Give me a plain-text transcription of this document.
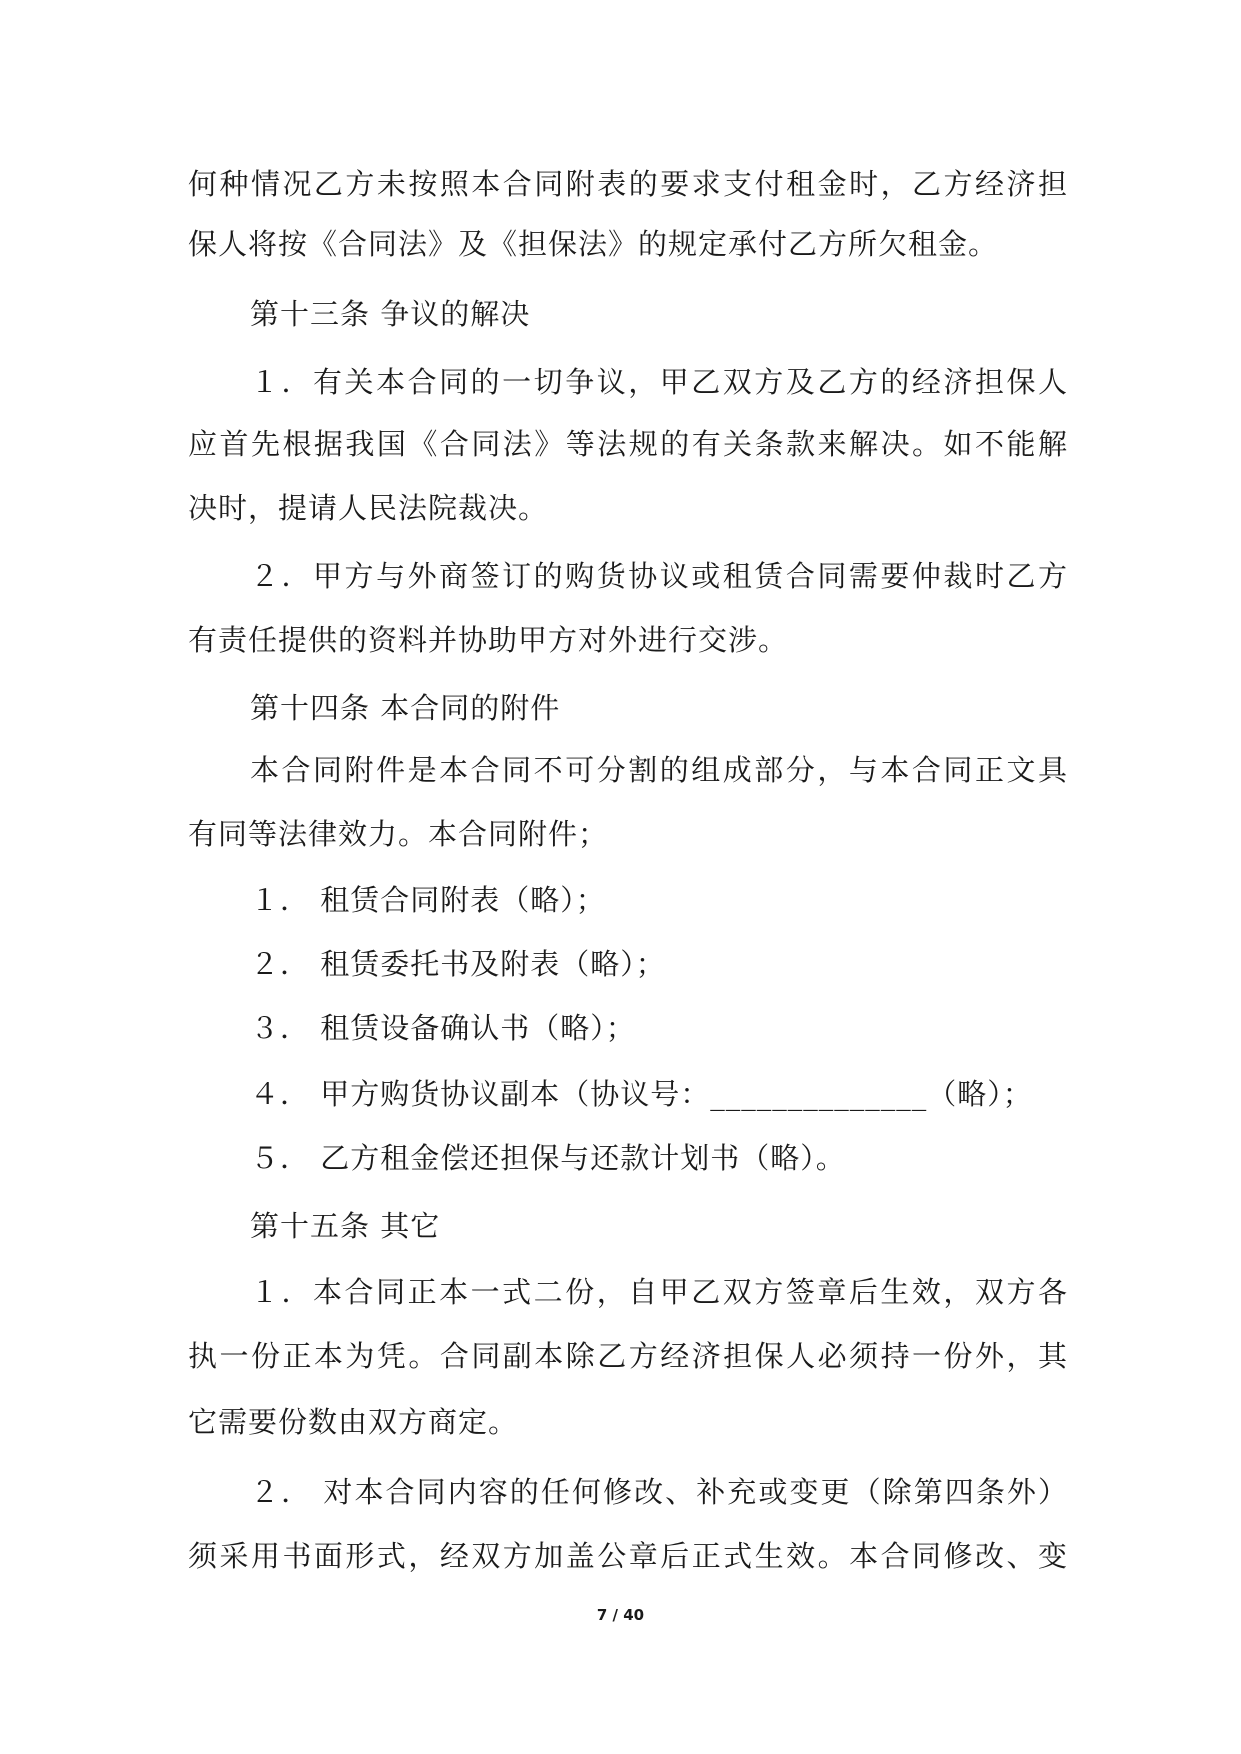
何种情况乙方未按照本合同附表的要求支付租金时，乙方经济担

保人将按《合同法》及《担保法》的规定承付乙方所欠租金。

第十三条 争议的解决

１．有关本合同的一切争议，甲乙双方及乙方的经济担保人

应首先根据我国《合同法》等法规的有关条款来解决。如不能解

决时，提请人民法院裁决。

２．甲方与外商签订的购货协议或租赁合同需要仲裁时乙方

有责任提供的资料并协助甲方对外进行交涉。

第十四条 本合同的附件

本合同附件是本合同不可分割的组成部分，与本合同正文具

有同等法律效力。本合同附件；

１． 租赁合同附表（略）；

２． 租赁委托书及附表（略）；

３． 租赁设备确认书（略）；

４． 甲方购货协议副本（协议号：______________（略）；

５． 乙方租金偿还担保与还款计划书（略）。

第十五条 其它

１．本合同正本一式二份，自甲乙双方签章后生效，双方各

执一份正本为凭。合同副本除乙方经济担保人必须持一份外，其

它需要份数由双方商定。

２． 对本合同内容的任何修改、补充或变更（除第四条外）

须采用书面形式，经双方加盖公章后正式生效。本合同修改、变

7 / 40
